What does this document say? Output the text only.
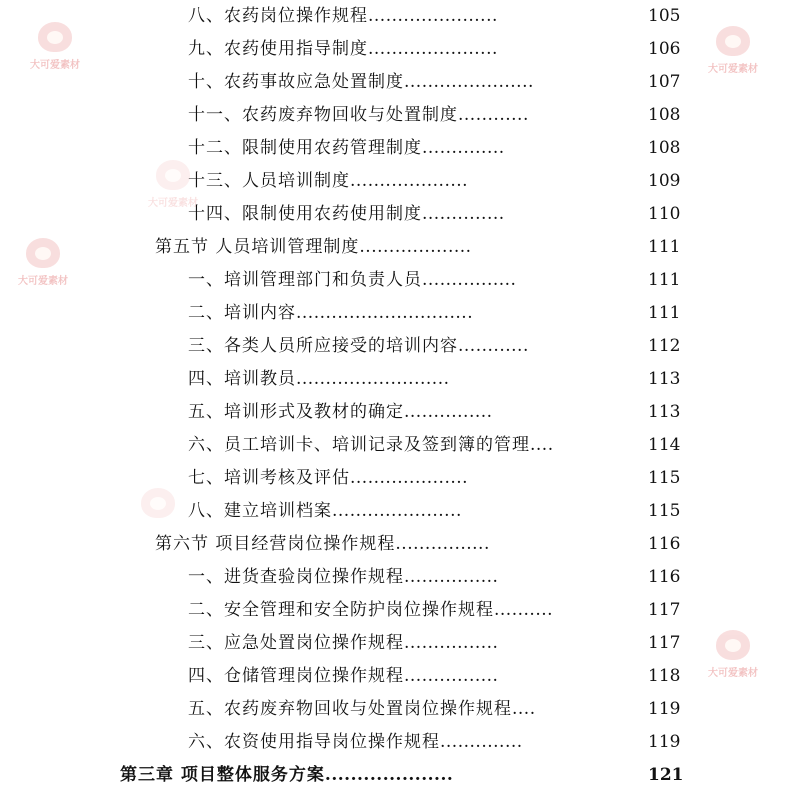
大可爱素材	大可爱素材
大可爱素材
大可爱素材
大可爱素材
八、农药岗位操作规程......................	105
九、农药使用指导制度......................	106
十、农药事故应急处置制度......................	107
十一、农药废弃物回收与处置制度............	108
十二、限制使用农药管理制度..............	108
十三、人员培训制度....................	109
十四、限制使用农药使用制度..............	110
第五节 人员培训管理制度...................	111
一、培训管理部门和负责人员................	111
二、培训内容..............................	111
三、各类人员所应接受的培训内容............	112
四、培训教员..........................	113
五、培训形式及教材的确定...............	113
六、员工培训卡、培训记录及签到簿的管理....	114
七、培训考核及评估....................	115
八、建立培训档案......................	115
第六节 项目经营岗位操作规程................	116
一、进货查验岗位操作规程................	116
二、安全管理和安全防护岗位操作规程..........	117
三、应急处置岗位操作规程................	117
四、仓储管理岗位操作规程................	118
五、农药废弃物回收与处置岗位操作规程....	119
六、农资使用指导岗位操作规程..............	119
第三章 项目整体服务方案....................	121
